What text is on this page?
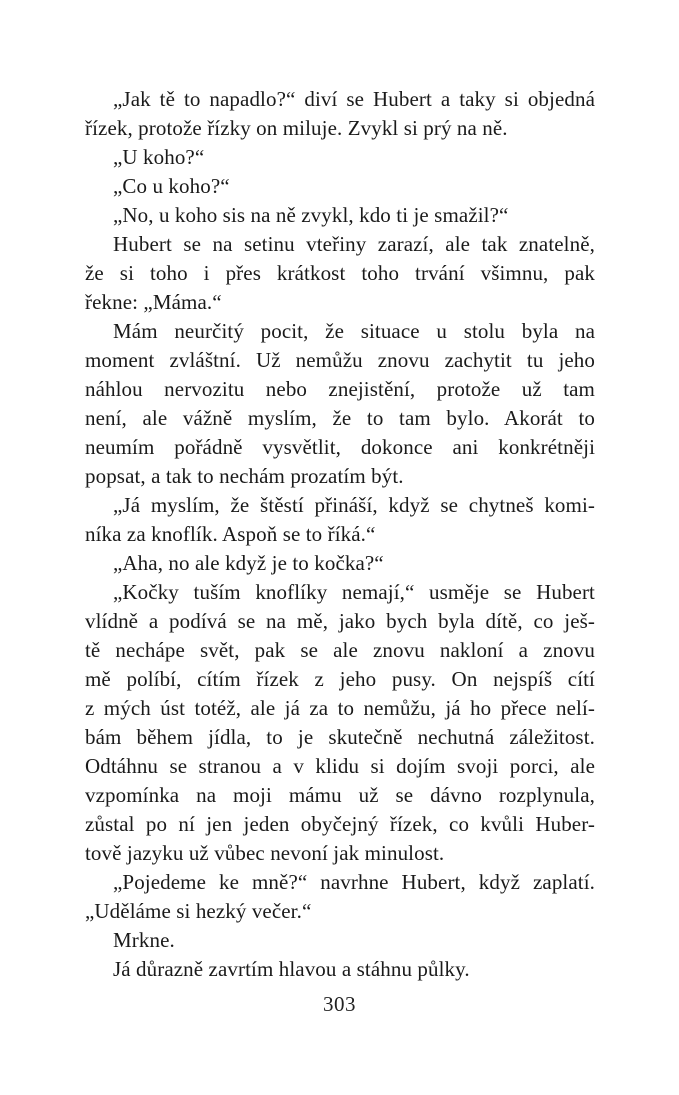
„Jak tě to napadlo?“ diví se Hubert a taky si objedná
řízek, protože řízky on miluje. Zvykl si prý na ně.
„U koho?“
„Co u koho?“
„No, u koho sis na ně zvykl, kdo ti je smažil?“
Hubert se na setinu vteřiny zarazí, ale tak znatelně,
že si toho i přes krátkost toho trvání všimnu, pak
řekne: „Máma.“
Mám neurčitý pocit, že situace u stolu byla na
moment zvláštní. Už nemůžu znovu zachytit tu jeho
náhlou nervozitu nebo znejistění, protože už tam
není, ale vážně myslím, že to tam bylo. Akorát to
neumím pořádně vysvětlit, dokonce ani konkrétněji
popsat, a tak to nechám prozatím být.
„Já myslím, že štěstí přináší, když se chytneš komi-
níka za knoflík. Aspoň se to říká.“
„Aha, no ale když je to kočka?“
„Kočky tuším knoflíky nemají,“ usměje se Hubert
vlídně a podívá se na mě, jako bych byla dítě, co ješ-
tě nechápe svět, pak se ale znovu nakloní a znovu
mě políbí, cítím řízek z jeho pusy. On nejspíš cítí
z mých úst totéž, ale já za to nemůžu, já ho přece nelí-
bám během jídla, to je skutečně nechutná záležitost.
Odtáhnu se stranou a v klidu si dojím svoji porci, ale
vzpomínka na moji mámu už se dávno rozplynula,
zůstal po ní jen jeden obyčejný řízek, co kvůli Huber-
tově jazyku už vůbec nevoní jak minulost.
„Pojedeme ke mně?“ navrhne Hubert, když zaplatí.
„Uděláme si hezký večer.“
Mrkne.
Já důrazně zavrtím hlavou a stáhnu půlky.
303
